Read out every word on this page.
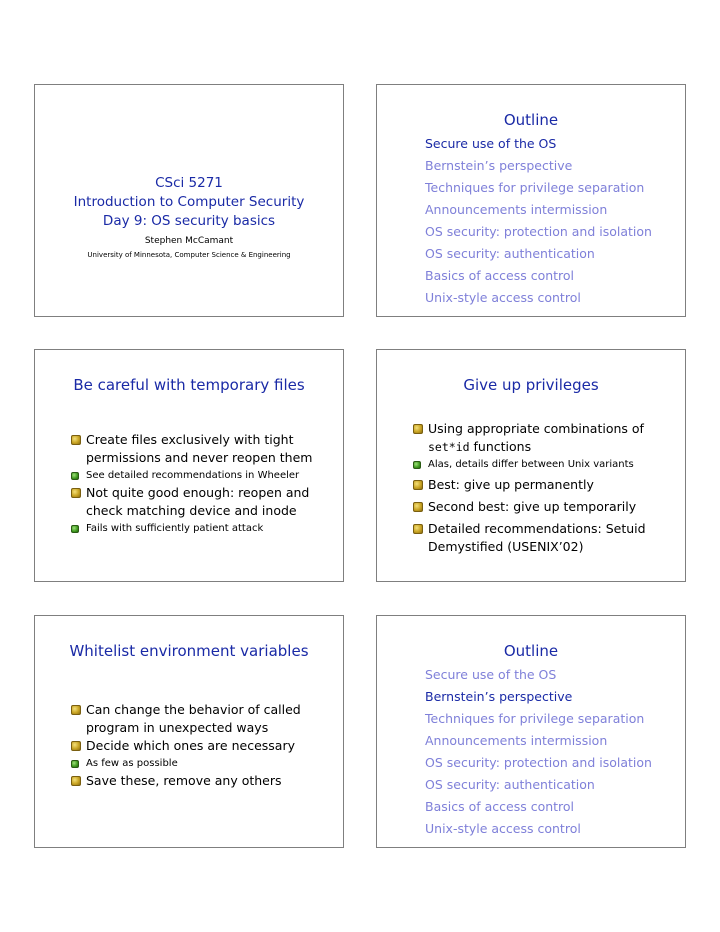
CSci 5271
Introduction to Computer Security
Day 9: OS security basics
Stephen McCamant
University of Minnesota, Computer Science & Engineering
Outline
Secure use of the OS
Bernstein’s perspective
Techniques for privilege separation
Announcements intermission
OS security: protection and isolation
OS security: authentication
Basics of access control
Unix-style access control
Be careful with temporary files
Create files exclusively with tight
permissions and never reopen them
See detailed recommendations in Wheeler
Not quite good enough: reopen and
check matching device and inode
Fails with sufficiently patient attack
Give up privileges
Using appropriate combinations of
set*id functions
Alas, details differ between Unix variants
Best: give up permanently
Second best: give up temporarily
Detailed recommendations: Setuid
Demystified (USENIX’02)
Whitelist environment variables
Can change the behavior of called
program in unexpected ways
Decide which ones are necessary
As few as possible
Save these, remove any others
Outline
Secure use of the OS
Bernstein’s perspective
Techniques for privilege separation
Announcements intermission
OS security: protection and isolation
OS security: authentication
Basics of access control
Unix-style access control
